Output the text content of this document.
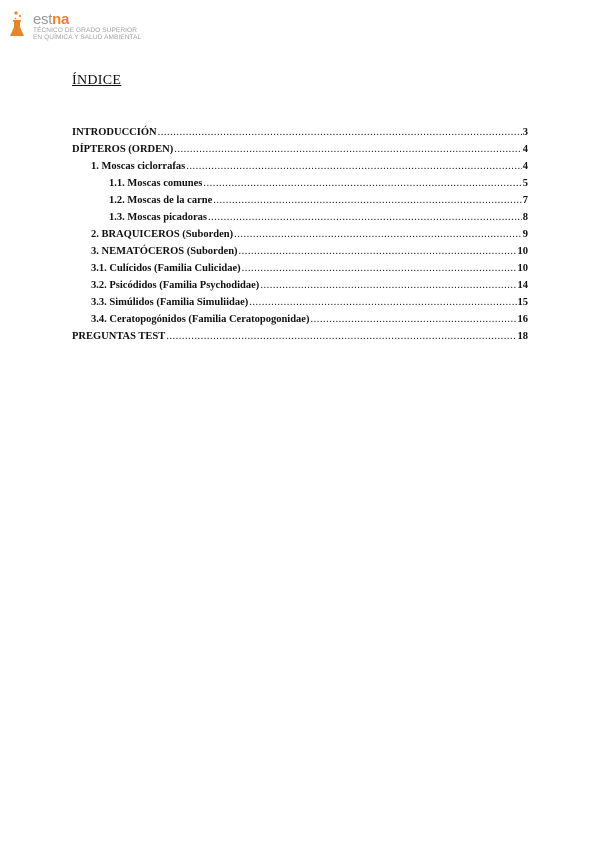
estna
TÉCNICO DE GRADO SUPERIOR
EN QUÍMICA Y SALUD AMBIENTAL
ÍNDICE
INTRODUCCIÓN .....	3
DÍPTEROS (ORDEN) .....	4
1. Moscas ciclorrafas .....	4
1.1. Moscas comunes .....	5
1.2. Moscas de la carne .....	7
1.3. Moscas picadoras .....	8
2. BRAQUICEROS (Suborden) .....	9
3. NEMATÓCEROS (Suborden) .....	10
3.1. Culícidos (Familia Culicidae) .....	10
3.2. Psicódidos (Familia Psychodidae) .....	14
3.3. Simúlidos (Familia Simuliidae) .....	15
3.4. Ceratopogónidos (Familia Ceratopogonidae) .....	16
PREGUNTAS TEST .....	18
